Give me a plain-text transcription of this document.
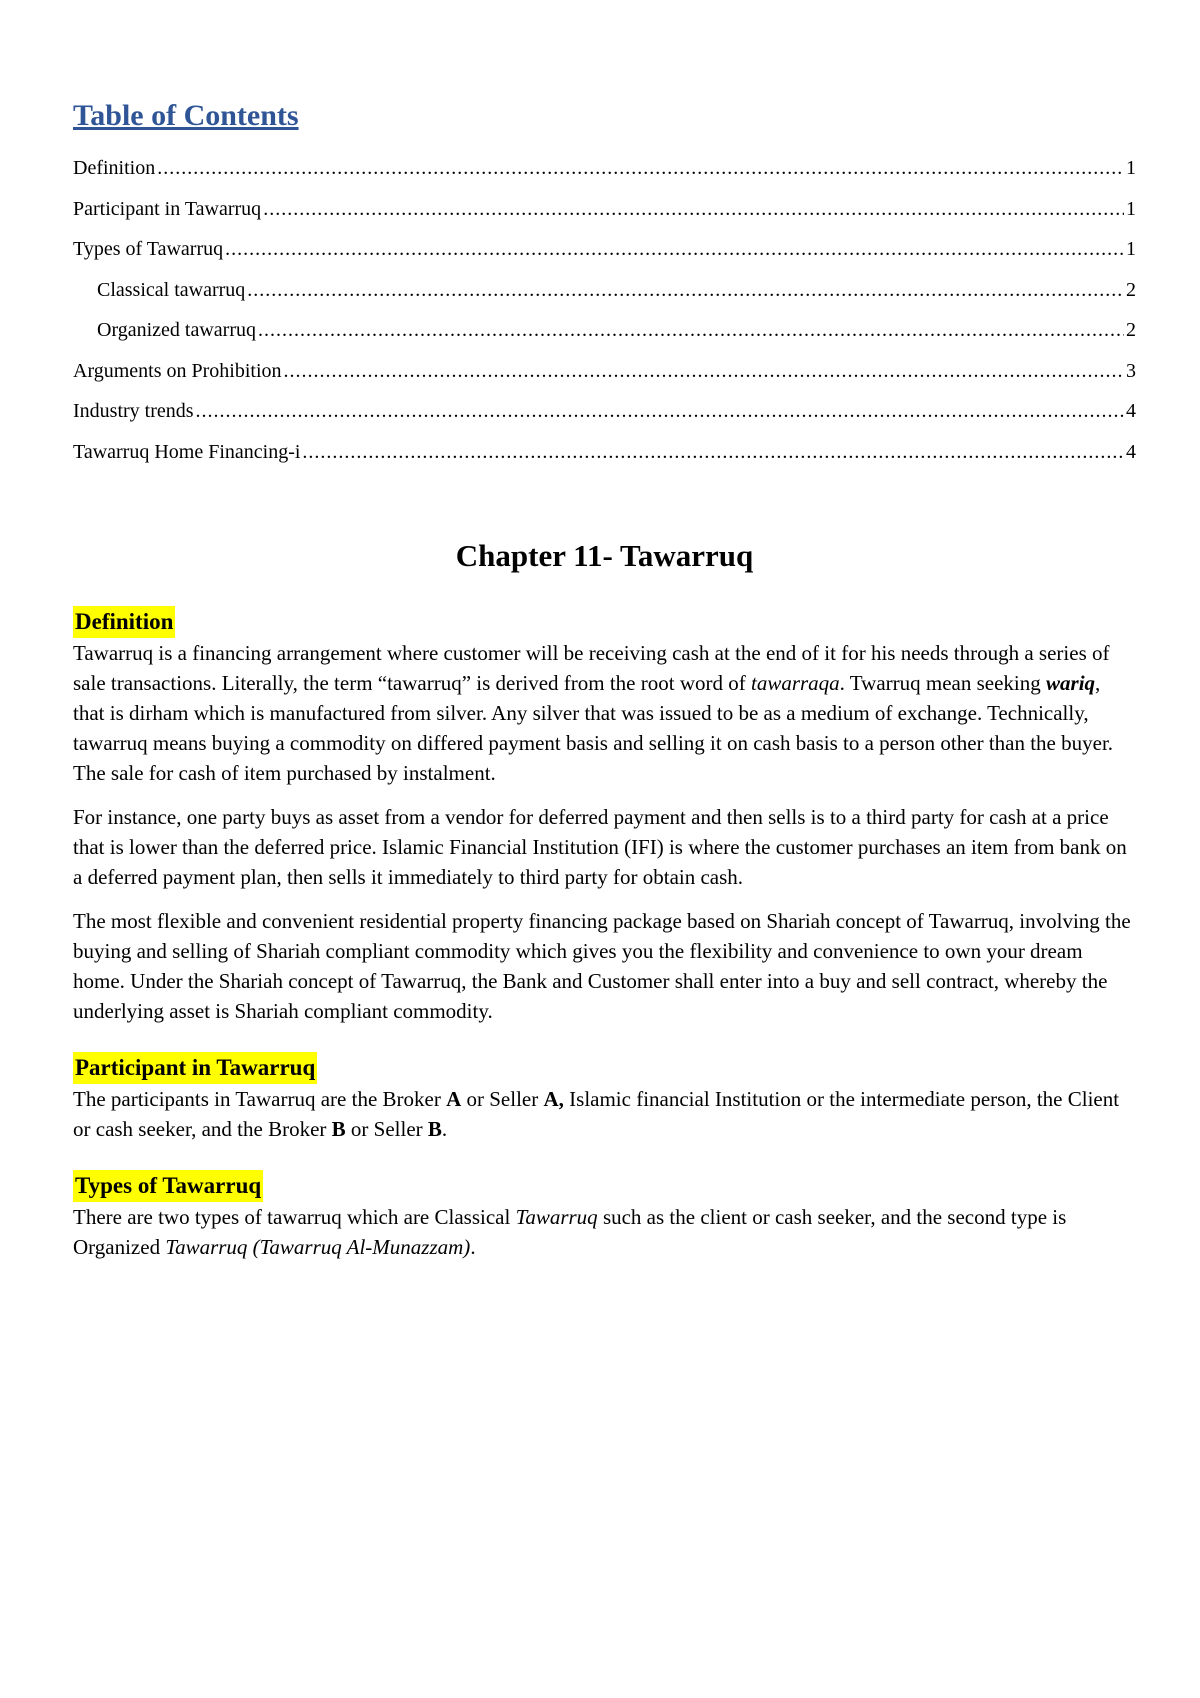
Table of Contents
Definition .....	1
Participant in Tawarruq .....	1
Types of Tawarruq .....	1
Classical tawarruq .....	2
Organized tawarruq .....	2
Arguments on Prohibition .....	3
Industry trends .....	4
Tawarruq Home Financing-i .....	4
Chapter 11- Tawarruq
Definition

Tawarruq is a financing arrangement where customer will be receiving cash at the end of it for his needs through a series of sale transactions. Literally, the term “tawarruq” is derived from the root word of tawarraqa. Twarruq mean seeking wariq, that is dirham which is manufactured from silver. Any silver that was issued to be as a medium of exchange. Technically, tawarruq means buying a commodity on differed payment basis and selling it on cash basis to a person other than the buyer. The sale for cash of item purchased by instalment.

For instance, one party buys as asset from a vendor for deferred payment and then sells is to a third party for cash at a price that is lower than the deferred price. Islamic Financial Institution (IFI) is where the customer purchases an item from bank on a deferred payment plan, then sells it immediately to third party for obtain cash.

The most flexible and convenient residential property financing package based on Shariah concept of Tawarruq, involving the buying and selling of Shariah compliant commodity which gives you the flexibility and convenience to own your dream home. Under the Shariah concept of Tawarruq, the Bank and Customer shall enter into a buy and sell contract, whereby the underlying asset is Shariah compliant commodity.

Participant in Tawarruq

The participants in Tawarruq are the Broker A or Seller A, Islamic financial Institution or the intermediate person, the Client or cash seeker, and the Broker B or Seller B.

Types of Tawarruq

There are two types of tawarruq which are Classical Tawarruq such as the client or cash seeker, and the second type is Organized Tawarruq (Tawarruq Al-Munazzam).
